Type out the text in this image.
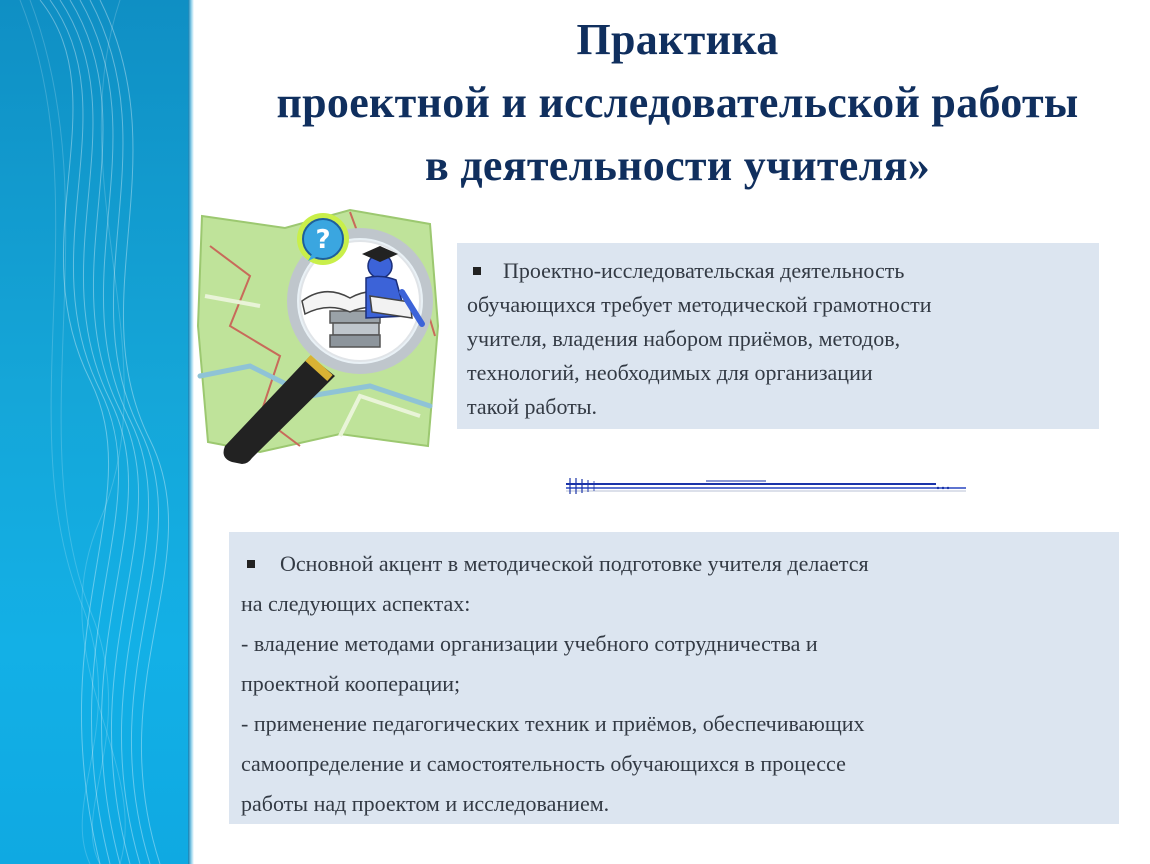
Практика
проектной и исследовательской работы
в деятельности учителя»
?
Проектно-исследовательская деятельность
обучающихся требует методической грамотности
учителя, владения набором приёмов, методов,
технологий, необходимых для организации
такой работы.
Основной акцент в методической подготовке учителя делается
на следующих аспектах:
- владение методами организации учебного сотрудничества и
проектной кооперации;
- применение педагогических техник и приёмов, обеспечивающих
самоопределение и самостоятельность обучающихся в процессе
работы над проектом и исследованием.
